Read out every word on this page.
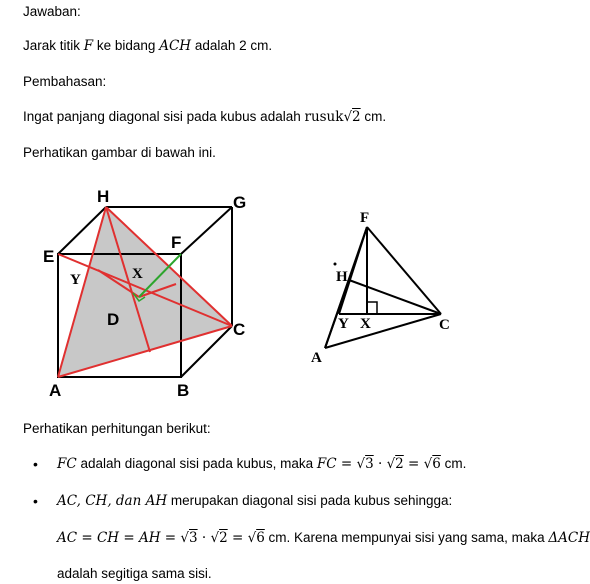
Jawaban:
Jarak titik F ke bidang ACH adalah 2 cm.
Pembahasan:
Ingat panjang diagonal sisi pada kubus adalah rusuk√2 cm.
Perhatikan gambar di bawah ini.
H	G
E
F
D
C
A	B
X
Y
F
H
Y X	C
A
Perhatikan perhitungan berikut:
• FC adalah diagonal sisi pada kubus, maka FC = √3 · √2 = √6 cm.
• AC, CH, dan AH merupakan diagonal sisi pada kubus sehingga:
AC = CH = AH = √3 · √2 = √6 cm. Karena mempunyai sisi yang sama, maka ΔACH
adalah segitiga sama sisi.
